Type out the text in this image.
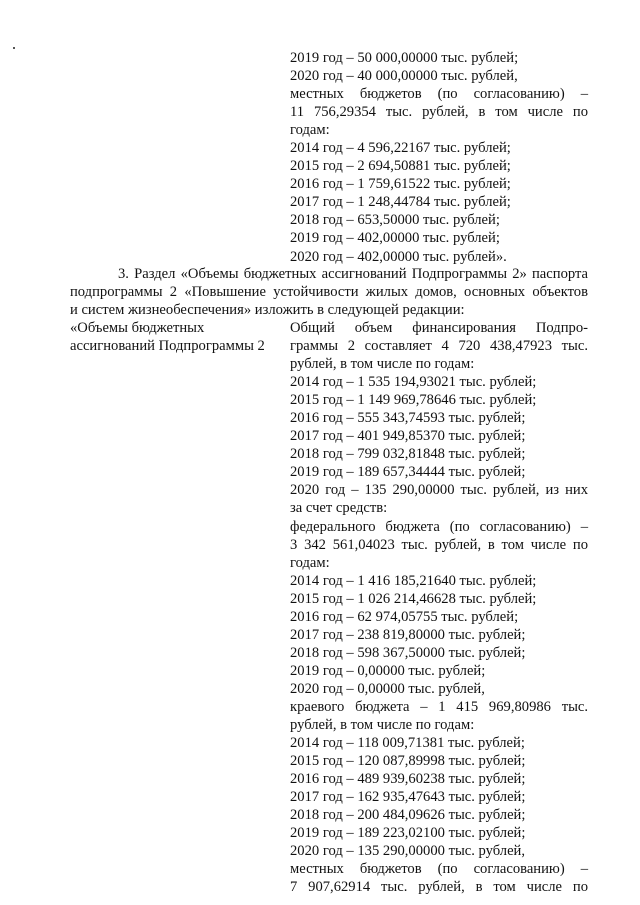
2019 год – 50 000,00000 тыс. рублей;
2020 год – 40 000,00000 тыс. рублей,
местных бюджетов (по согласованию) –
11 756,29354 тыс. рублей, в том числе по
годам:
2014 год – 4 596,22167 тыс. рублей;
2015 год – 2 694,50881 тыс. рублей;
2016 год – 1 759,61522 тыс. рублей;
2017 год – 1 248,44784 тыс. рублей;
2018 год – 653,50000 тыс. рублей;
2019 год – 402,00000 тыс. рублей;
2020 год – 402,00000 тыс. рублей».
3. Раздел «Объемы бюджетных ассигнований Подпрограммы 2» паспорта
подпрограммы 2 «Повышение устойчивости жилых домов, основных объектов
и систем жизнеобеспечения» изложить в следующей редакции:
«Объемы бюджетных
ассигнований Подпрограммы 2
Общий объем финансирования Подпро-
граммы 2 составляет 4 720 438,47923 тыс.
рублей, в том числе по годам:
2014 год – 1 535 194,93021 тыс. рублей;
2015 год – 1 149 969,78646 тыс. рублей;
2016 год – 555 343,74593 тыс. рублей;
2017 год – 401 949,85370 тыс. рублей;
2018 год – 799 032,81848 тыс. рублей;
2019 год – 189 657,34444 тыс. рублей;
2020 год – 135 290,00000 тыс. рублей, из них
за счет средств:
федерального бюджета (по согласованию) –
3 342 561,04023 тыс. рублей, в том числе по
годам:
2014 год – 1 416 185,21640 тыс. рублей;
2015 год – 1 026 214,46628 тыс. рублей;
2016 год – 62 974,05755 тыс. рублей;
2017 год – 238 819,80000 тыс. рублей;
2018 год – 598 367,50000 тыс. рублей;
2019 год – 0,00000 тыс. рублей;
2020 год – 0,00000 тыс. рублей,
краевого бюджета – 1 415 969,80986 тыс.
рублей, в том числе по годам:
2014 год – 118 009,71381 тыс. рублей;
2015 год – 120 087,89998 тыс. рублей;
2016 год – 489 939,60238 тыс. рублей;
2017 год – 162 935,47643 тыс. рублей;
2018 год – 200 484,09626 тыс. рублей;
2019 год – 189 223,02100 тыс. рублей;
2020 год – 135 290,00000 тыс. рублей,
местных бюджетов (по согласованию) –
7 907,62914 тыс. рублей, в том числе по
